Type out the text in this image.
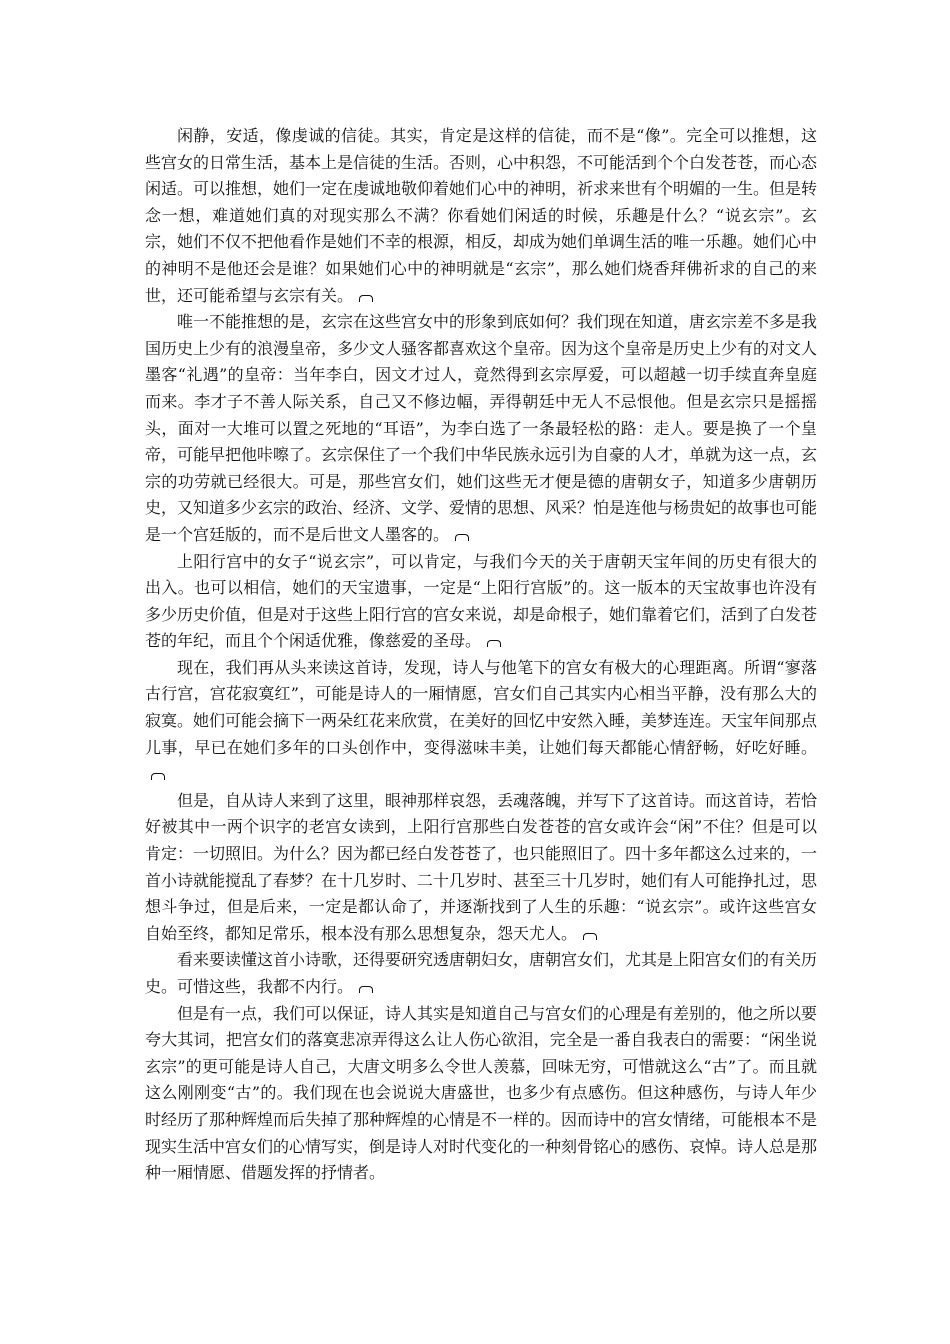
闲静，安适，像虔诚的信徒。其实，肯定是这样的信徒，而不是“像”。完全可以推想，这些宫女的日常生活，基本上是信徒的生活。否则，心中积怨，不可能活到个个白发苍苍，而心态闲适。可以推想，她们一定在虔诚地敬仰着她们心中的神明，祈求来世有个明媚的一生。但是转念一想，难道她们真的对现实那么不满？你看她们闲适的时候，乐趣是什么？“说玄宗”。玄宗，她们不仅不把他看作是她们不幸的根源，相反，却成为她们单调生活的唯一乐趣。她们心中的神明不是他还会是谁？如果她们心中的神明就是“玄宗”，那么她们烧香拜佛祈求的自己的来世，还可能希望与玄宗有关。

唯一不能推想的是，玄宗在这些宫女中的形象到底如何？我们现在知道，唐玄宗差不多是我国历史上少有的浪漫皇帝，多少文人骚客都喜欢这个皇帝。因为这个皇帝是历史上少有的对文人墨客“礼遇”的皇帝：当年李白，因文才过人，竟然得到玄宗厚爱，可以超越一切手续直奔皇庭而来。李才子不善人际关系，自己又不修边幅，弄得朝廷中无人不忌恨他。但是玄宗只是摇摇头，面对一大堆可以置之死地的“耳语”，为李白选了一条最轻松的路：走人。要是换了一个皇帝，可能早把他咔嚓了。玄宗保住了一个我们中华民族永远引为自豪的人才，单就为这一点，玄宗的功劳就已经很大。可是，那些宫女们，她们这些无才便是德的唐朝女子，知道多少唐朝历史，又知道多少玄宗的政治、经济、文学、爱情的思想、风采？怕是连他与杨贵妃的故事也可能是一个宫廷版的，而不是后世文人墨客的。

上阳行宫中的女子“说玄宗”，可以肯定，与我们今天的关于唐朝天宝年间的历史有很大的出入。也可以相信，她们的天宝遗事，一定是“上阳行宫版”的。这一版本的天宝故事也许没有多少历史价值，但是对于这些上阳行宫的宫女来说，却是命根子，她们靠着它们，活到了白发苍苍的年纪，而且个个闲适优雅，像慈爱的圣母。

现在，我们再从头来读这首诗，发现，诗人与他笔下的宫女有极大的心理距离。所谓“寥落古行宫，宫花寂寞红”，可能是诗人的一厢情愿，宫女们自己其实内心相当平静，没有那么大的寂寞。她们可能会摘下一两朵红花来欣赏，在美好的回忆中安然入睡，美梦连连。天宝年间那点儿事，早已在她们多年的口头创作中，变得滋味丰美，让她们每天都能心情舒畅，好吃好睡。

但是，自从诗人来到了这里，眼神那样哀怨，丢魂落魄，并写下了这首诗。而这首诗，若恰好被其中一两个识字的老宫女读到，上阳行宫那些白发苍苍的宫女或许会“闲”不住？但是可以肯定：一切照旧。为什么？因为都已经白发苍苍了，也只能照旧了。四十多年都这么过来的，一首小诗就能搅乱了春梦？在十几岁时、二十几岁时、甚至三十几岁时，她们有人可能挣扎过，思想斗争过，但是后来，一定是都认命了，并逐渐找到了人生的乐趣：“说玄宗”。或许这些宫女自始至终，都知足常乐，根本没有那么思想复杂，怨天尤人。

看来要读懂这首小诗歌，还得要研究透唐朝妇女，唐朝宫女们，尤其是上阳宫女们的有关历史。可惜这些，我都不内行。

但是有一点，我们可以保证，诗人其实是知道自己与宫女们的心理是有差别的，他之所以要夸大其词，把宫女们的落寞悲凉弄得这么让人伤心欲泪，完全是一番自我表白的需要：“闲坐说玄宗”的更可能是诗人自己，大唐文明多么令世人羡慕，回味无穷，可惜就这么“古”了。而且就这么刚刚变“古”的。我们现在也会说说大唐盛世，也多少有点感伤。但这种感伤，与诗人年少时经历了那种辉煌而后失掉了那种辉煌的心情是不一样的。因而诗中的宫女情绪，可能根本不是现实生活中宫女们的心情写实，倒是诗人对时代变化的一种刻骨铭心的感伤、哀悼。诗人总是那种一厢情愿、借题发挥的抒情者。
